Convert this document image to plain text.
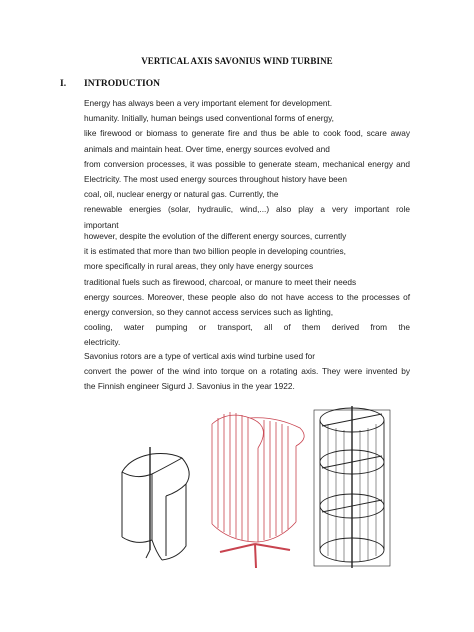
VERTICAL AXIS SAVONIUS WIND TURBINE
I. INTRODUCTION
Energy has always been a very important element for development.
humanity. Initially, human beings used conventional forms of energy,
like firewood or biomass to generate fire and thus be able to cook food, scare away
animals and maintain heat. Over time, energy sources evolved and
from conversion processes, it was possible to generate steam, mechanical energy and
Electricity. The most used energy sources throughout history have been
coal, oil, nuclear energy or natural gas. Currently, the
renewable energies (solar, hydraulic, wind,...) also play a very important role
important
however, despite the evolution of the different energy sources, currently
it is estimated that more than two billion people in developing countries,
more specifically in rural areas, they only have energy sources
traditional fuels such as firewood, charcoal, or manure to meet their needs
energy sources. Moreover, these people also do not have access to the processes of
energy conversion, so they cannot access services such as lighting,
cooling, water pumping or transport, all of them derived from the
electricity.
Savonius rotors are a type of vertical axis wind turbine used for
convert the power of the wind into torque on a rotating axis. They were invented by
the Finnish engineer Sigurd J. Savonius in the year 1922.
